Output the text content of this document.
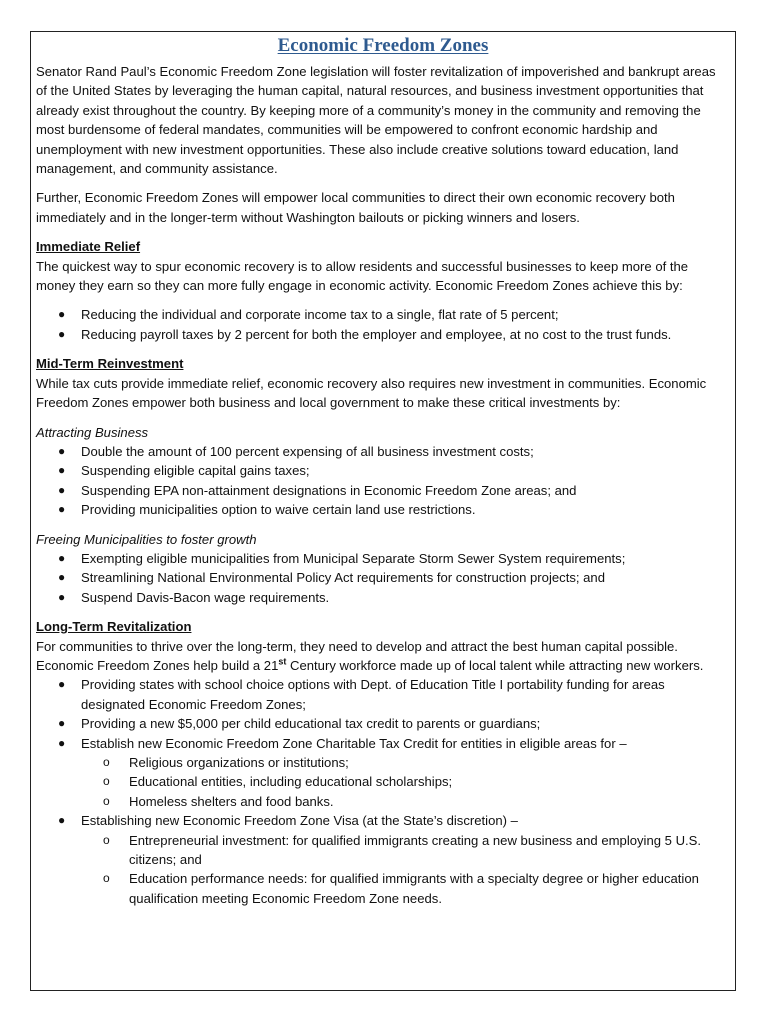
Economic Freedom Zones

Senator Rand Paul’s Economic Freedom Zone legislation will foster revitalization of impoverished and bankrupt areas of the United States by leveraging the human capital, natural resources, and business investment opportunities that already exist throughout the country. By keeping more of a community’s money in the community and removing the most burdensome of federal mandates, communities will be empowered to confront economic hardship and unemployment with new investment opportunities. These also include creative solutions toward education, land management, and community assistance.

Further, Economic Freedom Zones will empower local communities to direct their own economic recovery both immediately and in the longer-term without Washington bailouts or picking winners and losers.

Immediate Relief

The quickest way to spur economic recovery is to allow residents and successful businesses to keep more of the money they earn so they can more fully engage in economic activity. Economic Freedom Zones achieve this by:

● Reducing the individual and corporate income tax to a single, flat rate of 5 percent;
● Reducing payroll taxes by 2 percent for both the employer and employee, at no cost to the trust funds.

Mid-Term Reinvestment

While tax cuts provide immediate relief, economic recovery also requires new investment in communities. Economic Freedom Zones empower both business and local government to make these critical investments by:

Attracting Business

● Double the amount of 100 percent expensing of all business investment costs;
● Suspending eligible capital gains taxes;
● Suspending EPA non-attainment designations in Economic Freedom Zone areas; and
● Providing municipalities option to waive certain land use restrictions.

Freeing Municipalities to foster growth

● Exempting eligible municipalities from Municipal Separate Storm Sewer System requirements;
● Streamlining National Environmental Policy Act requirements for construction projects; and
● Suspend Davis-Bacon wage requirements.

Long-Term Revitalization

For communities to thrive over the long-term, they need to develop and attract the best human capital possible. Economic Freedom Zones help build a 21st Century workforce made up of local talent while attracting new workers.

● Providing states with school choice options with Dept. of Education Title I portability funding for areas designated Economic Freedom Zones;
● Providing a new $5,000 per child educational tax credit to parents or guardians;
● Establish new Economic Freedom Zone Charitable Tax Credit for entities in eligible areas for –
o Religious organizations or institutions;
o Educational entities, including educational scholarships;
o Homeless shelters and food banks.
● Establishing new Economic Freedom Zone Visa (at the State’s discretion) –
o Entrepreneurial investment: for qualified immigrants creating a new business and employing 5 U.S. citizens; and
o Education performance needs: for qualified immigrants with a specialty degree or higher education qualification meeting Economic Freedom Zone needs.
